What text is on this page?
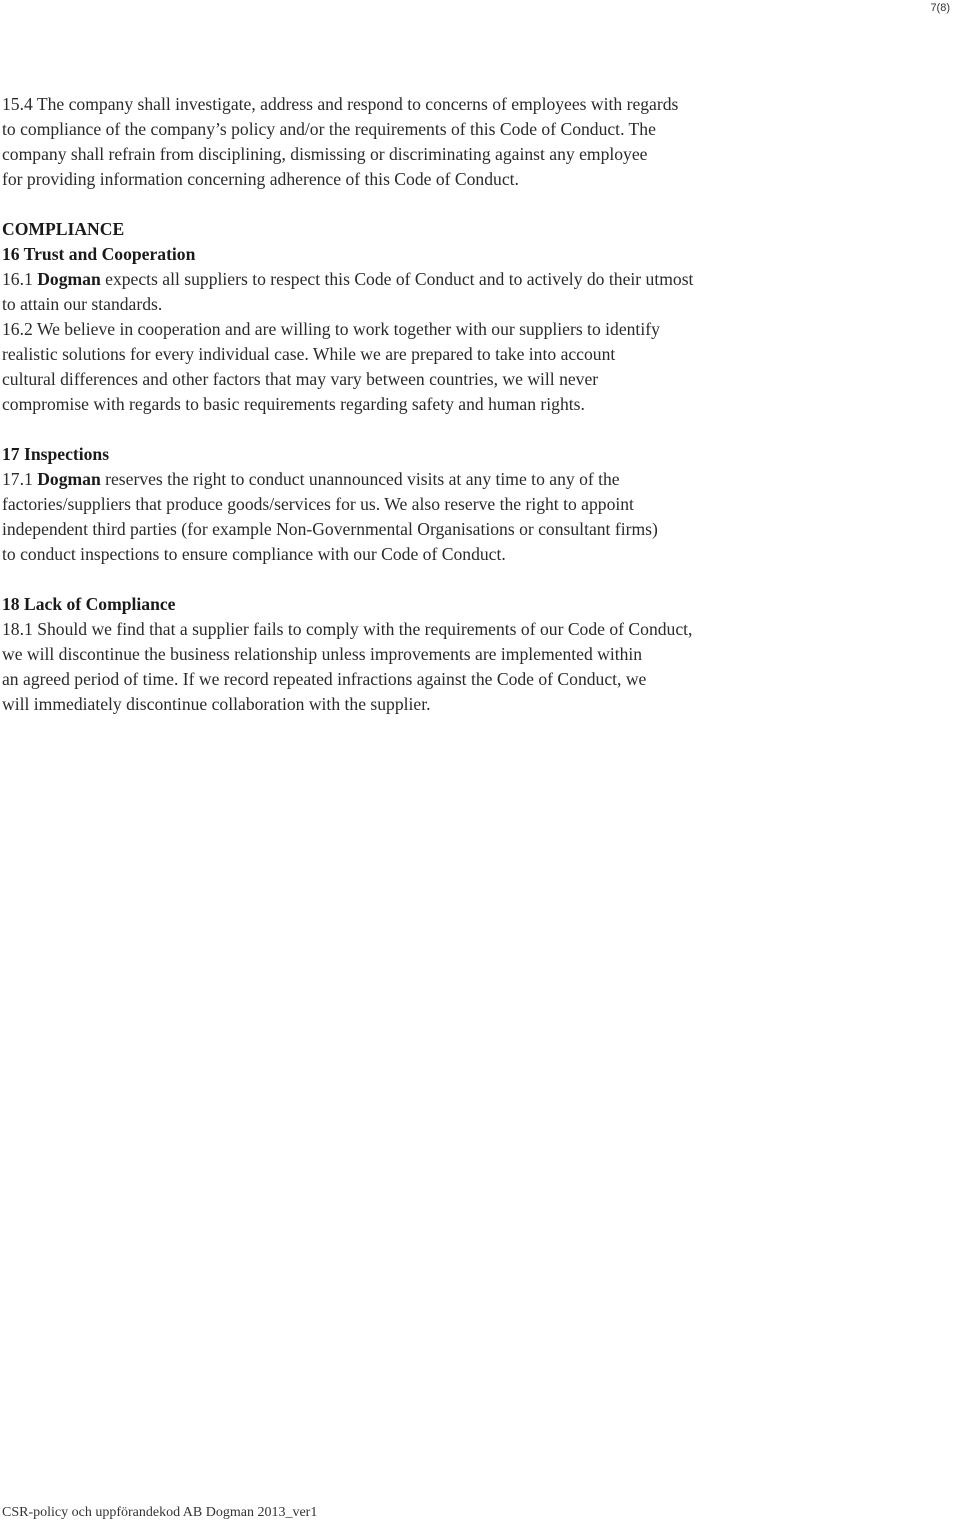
7(8)
15.4 The company shall investigate, address and respond to concerns of employees with regards
to compliance of the company’s policy and/or the requirements of this Code of Conduct. The
company shall refrain from disciplining, dismissing or discriminating against any employee
for providing information concerning adherence of this Code of Conduct.
COMPLIANCE
16 Trust and Cooperation
16.1 Dogman expects all suppliers to respect this Code of Conduct and to actively do their utmost
to attain our standards.
16.2 We believe in cooperation and are willing to work together with our suppliers to identify
realistic solutions for every individual case. While we are prepared to take into account
cultural differences and other factors that may vary between countries, we will never
compromise with regards to basic requirements regarding safety and human rights.
17 Inspections
17.1 Dogman reserves the right to conduct unannounced visits at any time to any of the
factories/suppliers that produce goods/services for us. We also reserve the right to appoint
independent third parties (for example Non-Governmental Organisations or consultant firms)
to conduct inspections to ensure compliance with our Code of Conduct.
18 Lack of Compliance
18.1 Should we find that a supplier fails to comply with the requirements of our Code of Conduct,
we will discontinue the business relationship unless improvements are implemented within
an agreed period of time. If we record repeated infractions against the Code of Conduct, we
will immediately discontinue collaboration with the supplier.
CSR-policy och uppförandekod AB Dogman 2013_ver1
